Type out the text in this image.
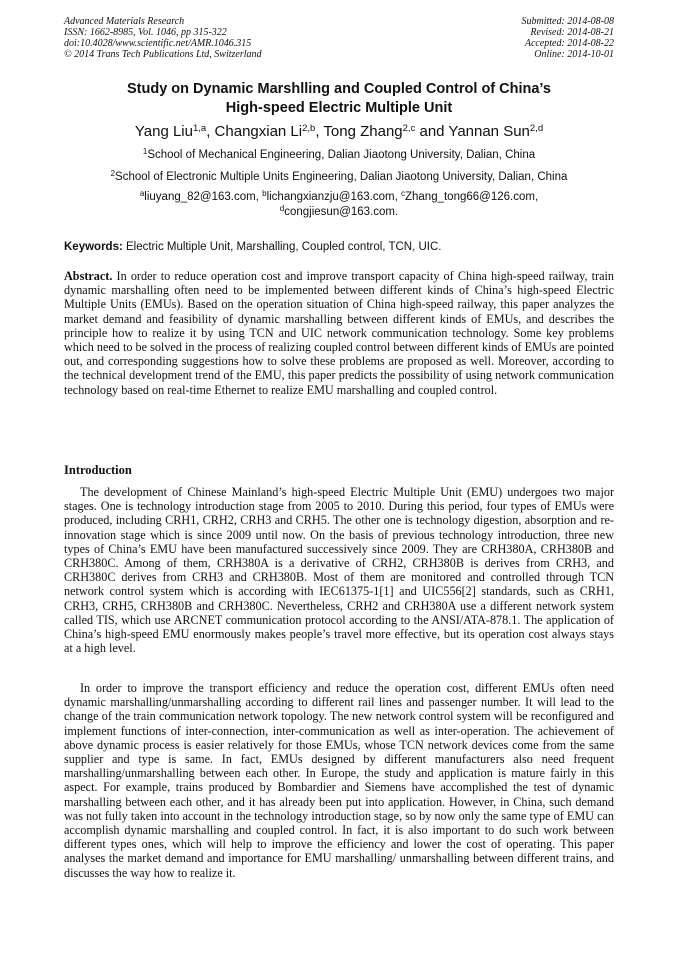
Advanced Materials Research
ISSN: 1662-8985, Vol. 1046, pp 315-322
doi:10.4028/www.scientific.net/AMR.1046.315
© 2014 Trans Tech Publications Ltd, Switzerland
Submitted: 2014-08-08
Revised: 2014-08-21
Accepted: 2014-08-22
Online: 2014-10-01
Study on Dynamic Marshlling and Coupled Control of China’s
High-speed Electric Multiple Unit
Yang Liu$^{1,a}$, Changxian Li$^{2,b}$, Tong Zhang$^{2,c}$ and Yannan Sun$^{2,d}$
$^1$School of Mechanical Engineering, Dalian Jiaotong University, Dalian, China
$^2$School of Electronic Multiple Units Engineering, Dalian Jiaotong University, Dalian, China
$^a$liuyang_82@163.com, $^b$lichangxianzju@163.com, $^c$Zhang_tong66@126.com,
$^d$congjiesun@163.com.
Keywords: Electric Multiple Unit, Marshalling, Coupled control, TCN, UIC.
Abstract. In order to reduce operation cost and improve transport capacity of China high-speed railway, train dynamic marshalling often need to be implemented between different kinds of China’s high-speed Electric Multiple Units (EMUs). Based on the operation situation of China high-speed railway, this paper analyzes the market demand and feasibility of dynamic marshalling between different kinds of EMUs, and describes the principle how to realize it by using TCN and UIC network communication technology. Some key problems which need to be solved in the process of realizing coupled control between different kinds of EMUs are pointed out, and corresponding suggestions how to solve these problems are proposed as well. Moreover, according to the technical development trend of the EMU, this paper predicts the possibility of using network communication technology based on real-time Ethernet to realize EMU marshalling and coupled control.
Introduction
The development of Chinese Mainland’s high-speed Electric Multiple Unit (EMU) undergoes two major stages. One is technology introduction stage from 2005 to 2010. During this period, four types of EMUs were produced, including CRH1, CRH2, CRH3 and CRH5. The other one is technology digestion, absorption and re-innovation stage which is since 2009 until now. On the basis of previous technology introduction, three new types of China’s EMU have been manufactured successively since 2009. They are CRH380A, CRH380B and CRH380C. Among of them, CRH380A is a derivative of CRH2, CRH380B is derives from CRH3, and CRH380C derives from CRH3 and CRH380B. Most of them are monitored and controlled through TCN network control system which is according with IEC61375-1[1] and UIC556[2] standards, such as CRH1, CRH3, CRH5, CRH380B and CRH380C. Nevertheless, CRH2 and CRH380A use a different network system called TIS, which use ARCNET communication protocol according to the ANSI/ATA-878.1. The application of China’s high-speed EMU enormously makes people’s travel more effective, but its operation cost always stays at a high level.
In order to improve the transport efficiency and reduce the operation cost, different EMUs often need dynamic marshalling/unmarshalling according to different rail lines and passenger number. It will lead to the change of the train communication network topology. The new network control system will be reconfigured and implement functions of inter-connection, inter-communication as well as inter-operation. The achievement of above dynamic process is easier relatively for those EMUs, whose TCN network devices come from the same supplier and type is same. In fact, EMUs designed by different manufacturers also need frequent marshalling/unmarshalling between each other. In Europe, the study and application is mature fairly in this aspect. For example, trains produced by Bombardier and Siemens have accomplished the test of dynamic marshalling between each other, and it has already been put into application. However, in China, such demand was not fully taken into account in the technology introduction stage, so by now only the same type of EMU can accomplish dynamic marshalling and coupled control. In fact, it is also important to do such work between different types ones, which will help to improve the efficiency and lower the cost of operating. This paper analyses the market demand and importance for EMU marshalling/ unmarshalling between different trains, and discusses the way how to realize it.
